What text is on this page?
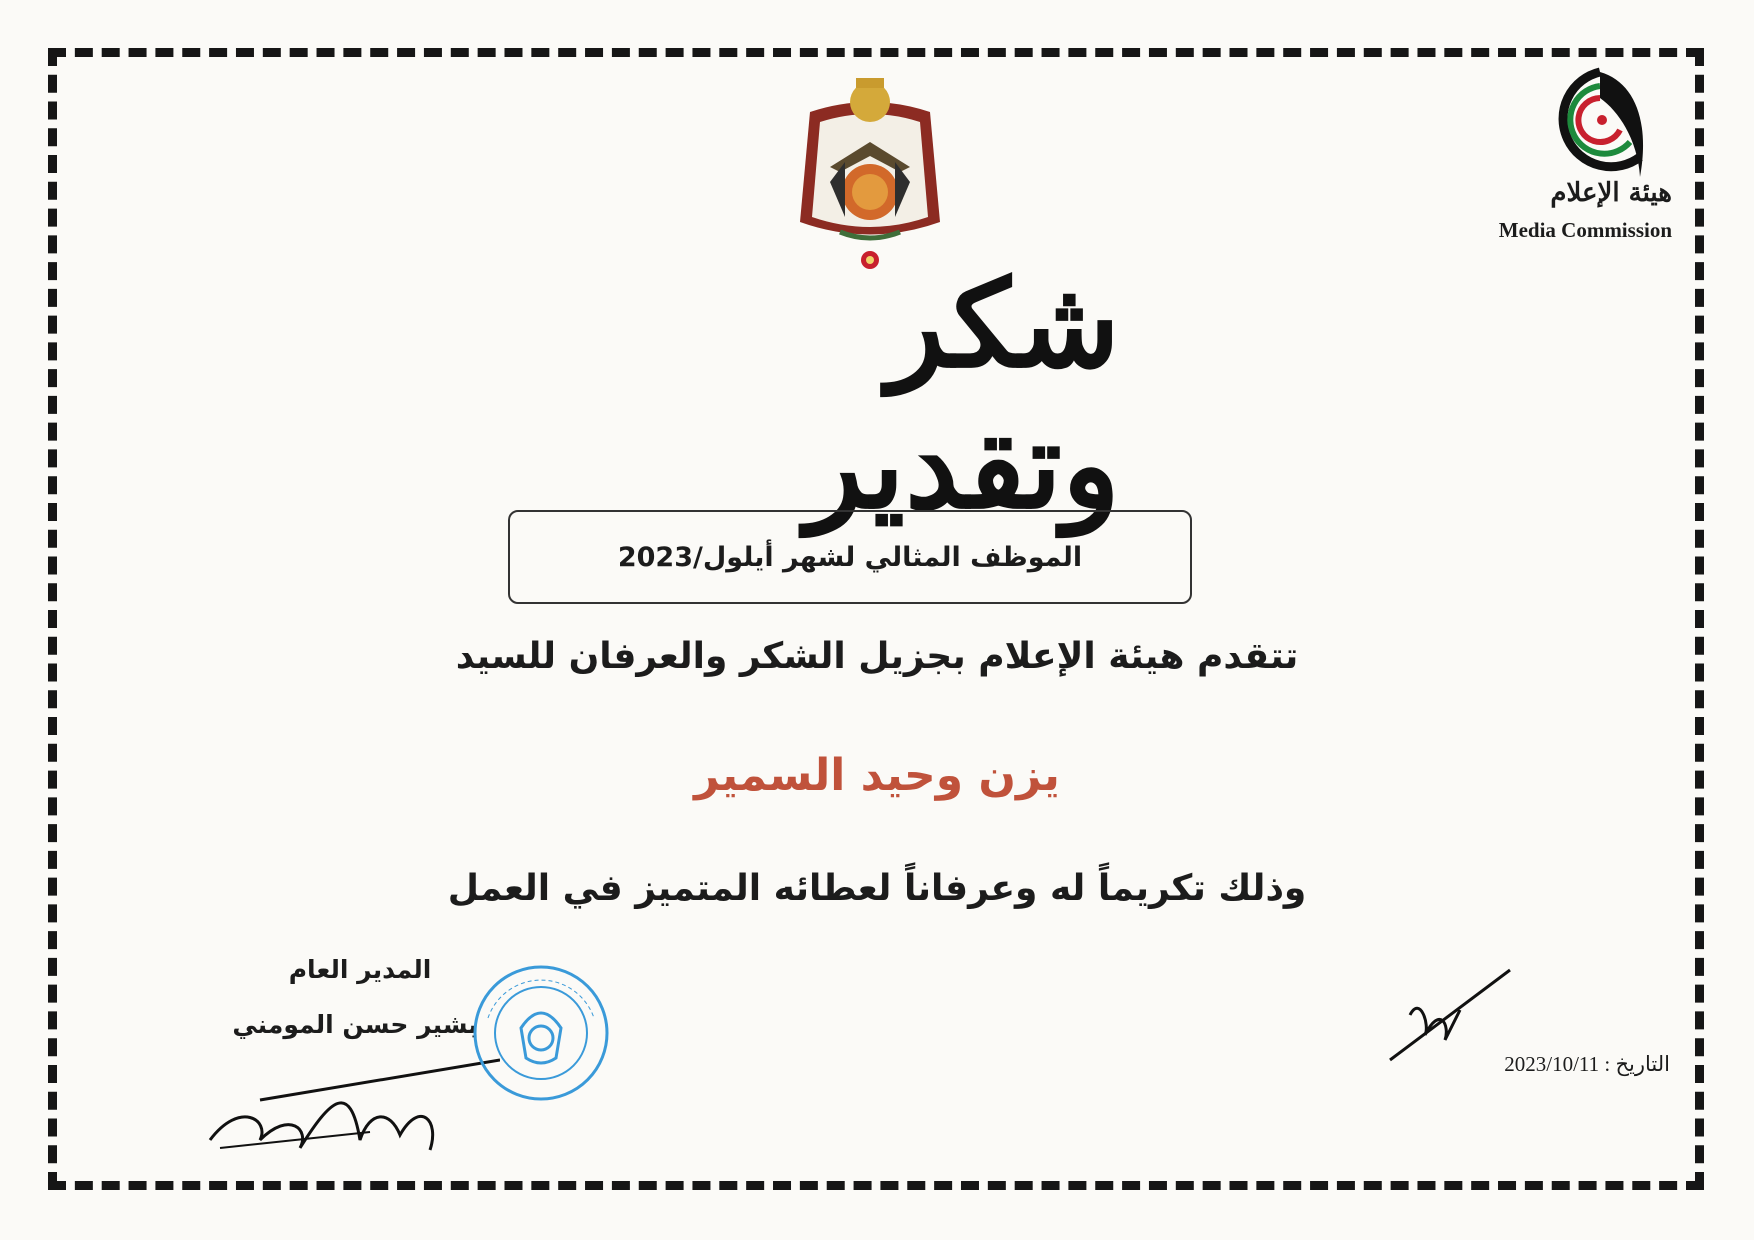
هيئة الإعلام
Media Commission
شكر وتقدير
الموظف المثالي لشهر أيلول/2023
تتقدم هيئة الإعلام بجزيل الشكر والعرفان للسيد
يزن وحيد السمير
وذلك تكريماً له وعرفاناً لعطائه المتميز في العمل
المدير العام
بشير حسن المومني
التاريخ : 2023/10/11
